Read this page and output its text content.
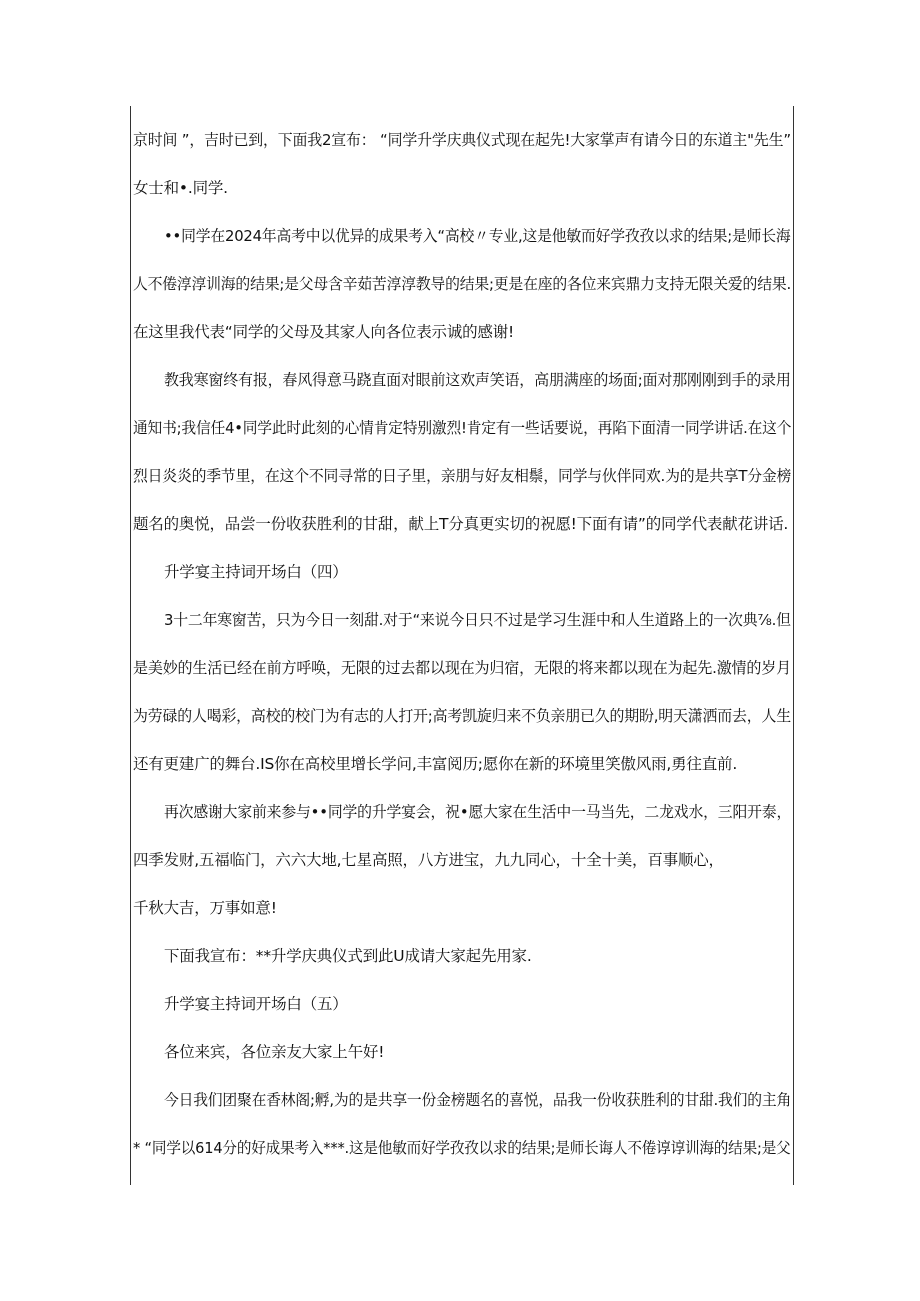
京时间 ”，吉时已到，下面我2宣布： “同学升学庆典仪式现在起先!大家掌声有请今日的东道主"先生”
女士和•.同学.
••同学在2024年高考中以优异的成果考入“高校〃专业,这是他敏而好学孜孜以求的结果;是师长海
人不倦淳淳训海的结果;是父母含辛茹苦淳淳教导的结果;更是在座的各位来宾鼎力支持无限关爱的结果.
在这里我代表“同学的父母及其家人向各位表示诚的感谢!
教我寒窗终有报，春风得意马跷直面对眼前这欢声笑语，高朋满座的场面;面对那刚刚到手的录用
通知书;我信任4•同学此时此刻的心情肯定特别激烈!肯定有一些话要说，再陷下面清一同学讲话.在这个
烈日炎炎的季节里，在这个不同寻常的日子里，亲朋与好友相鬃，同学与伙伴同欢.为的是共享T分金榜
题名的奥悦，品尝一份收获胜利的甘甜，献上T分真更实切的祝愿!下面有请”的同学代表献花讲话.
升学宴主持词开场白（四）
3十二年寒窗苦，只为今日一刻甜.对于“来说今日只不过是学习生涯中和人生道路上的一次典⅞.但
是美妙的生活已经在前方呼唤，无限的过去都以现在为归宿，无限的将来都以现在为起先.激情的岁月
为劳碌的人喝彩，高校的校门为有志的人打开;高考凯旋归来不负亲朋已久的期盼,明天潇洒而去，人生
还有更建广的舞台.IS你在高校里增长学问,丰富阅历;愿你在新的环境里笑傲风雨,勇往直前.
再次感谢大家前来参与••同学的升学宴会，祝•愿大家在生活中一马当先，二龙戏水，三阳开泰，
四季发财,五福临门，六六大地,七星高照，八方进宝，九九同心，十全十美，百事顺心，
千秋大吉，万事如意!
下面我宣布：**升学庆典仪式到此U成请大家起先用家.
升学宴主持词开场白（五）
各位来宾，各位亲友大家上午好!
今日我们团聚在香林阁;孵,为的是共享一份金榜题名的喜悦，品我一份收获胜利的甘甜.我们的主角
* “同学以614分的好成果考入***.这是他敏而好学孜孜以求的结果;是师长诲人不倦谆谆训海的结果;是父
